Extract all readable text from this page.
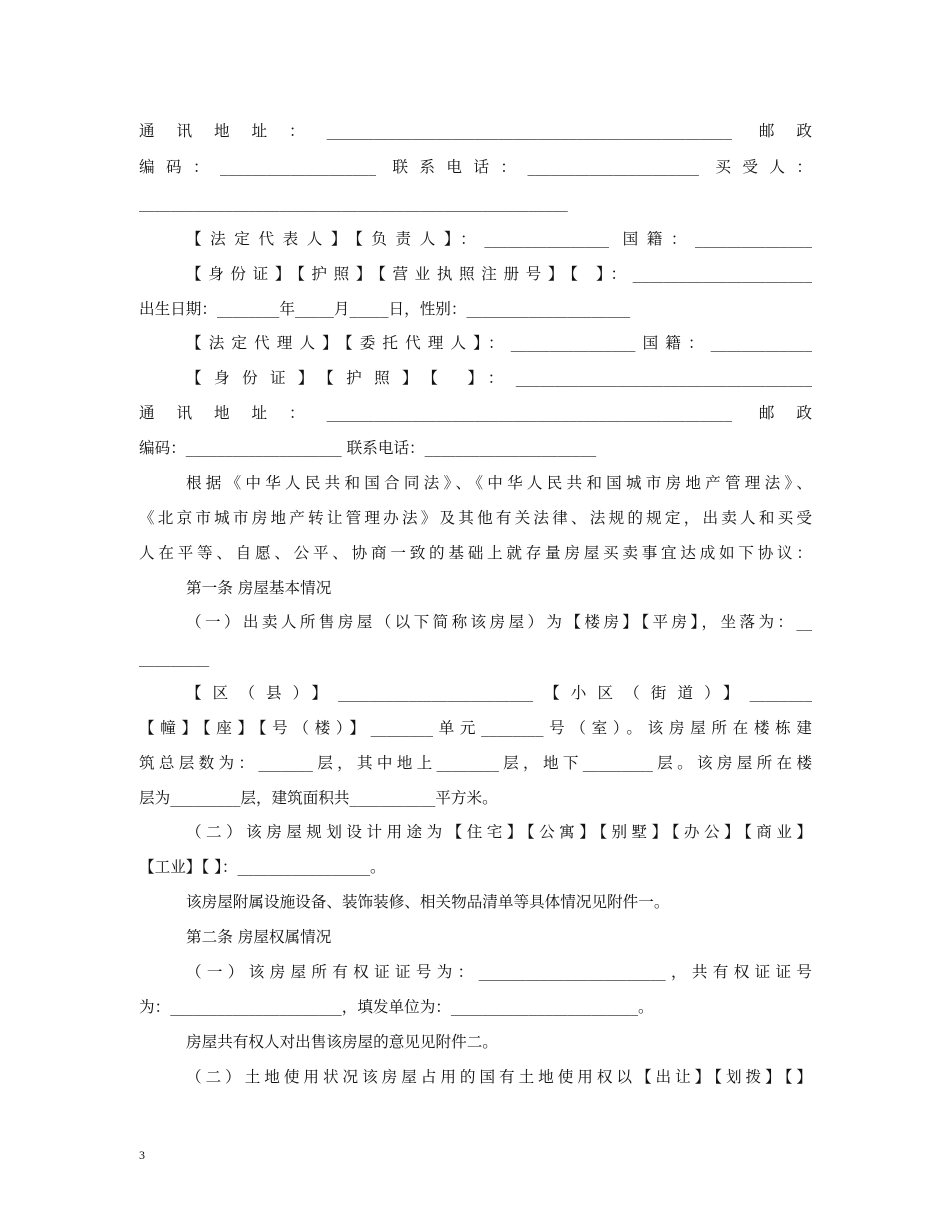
通讯地址：____________________________________________________ 邮政
编码：____________________ 联系电话：______________________ 买受人：
_______________________________________________________
【法定代表人】【负责人】：________________ 国籍：_______________
【身份证】【护照】【营业执照注册号】【 】：_______________________
出生日期：________年_____月_____日，性别：_____________________
【法定代理人】【委托代理人】：________________国籍：_____________
【身份证】【护照】【 】：______________________________________
通讯地址：____________________________________________________ 邮政
编码：____________________ 联系电话：______________________
根据《中华人民共和国合同法》、《中华人民共和国城市房地产管理法》、
《北京市城市房地产转让管理办法》及其他有关法律、法规的规定，出卖人和买受
人在平等、自愿、公平、协商一致的基础上就存量房屋买卖事宜达成如下协议：
第一条 房屋基本情况
（一）出卖人所售房屋（以下简称该房屋）为【楼房】【平房】，坐落为：__
_________
【区（县）】_________________________【小区（街道）】________
【幢】【座】【号（楼）】________单元________号（室）。该房屋所在楼栋建
筑总层数为：_______层，其中地上________层，地下_________层。该房屋所在楼
层为_________层，建筑面积共___________平方米。
（二）该房屋规划设计用途为【住宅】【公寓】【别墅】【办公】【商业】
【工业】【 】：_________________。
该房屋附属设施设备、装饰装修、相关物品清单等具体情况见附件一。
第二条 房屋权属情况
（一）该房屋所有权证证号为：________________________，共有权证证号
为：______________________，填发单位为：________________________。
房屋共有权人对出售该房屋的意见见附件二。
（二）土地使用状况该房屋占用的国有土地使用权以【出让】【划拨】【】
3
